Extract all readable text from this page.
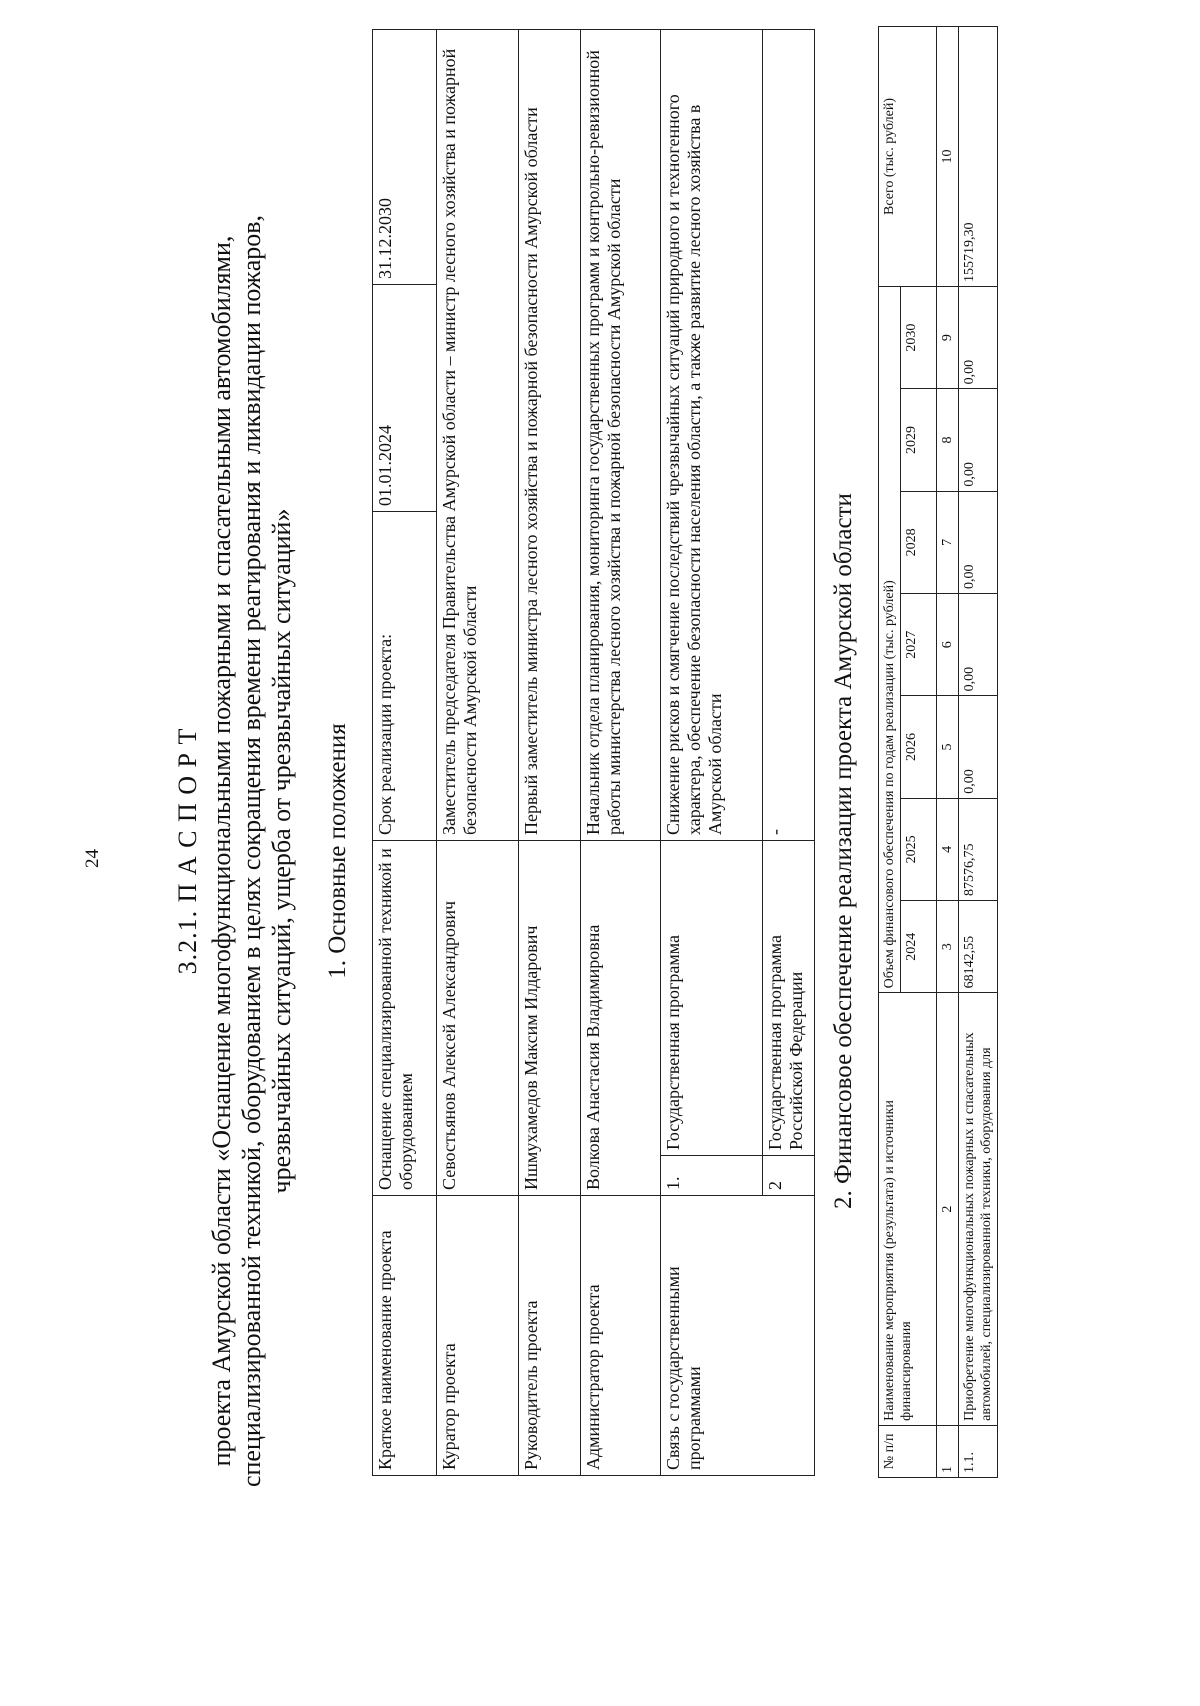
24	3.2.1. П А С П О Р Т проекта Амурской области «Оснащение многофункциональными пожарными и спасательными автомобилями, специализированной техникой, оборудованием в целях сокращения времени реагирования и ликвидации пожаров, чрезвычайных ситуаций, ущерба от чрезвычайных ситуаций» 1. Основные положения
Краткое наименование проекта	Оснащение специализированной техникой и оборудованием		Срок реализации проекта:	01.01.2024	31.12.2030
Куратор проекта	Севостьянов Алексей Александрович		Заместитель председателя Правительства Амурской области – министр лесного хозяйства и пожарной безопасности Амурской области		
Руководитель проекта	Ишмухамедов Максим Илдарович		Первый заместитель министра лесного хозяйства и пожарной безопасности Амурской области		
Администратор проекта	Волкова Анастасия Владимировна		Начальник отдела планирования, мониторинга государственных программ и контрольно-ревизионной работы министерства лесного хозяйства и пожарной безопасности Амурской области		
Связь с государственными программами	1.	Государственная программа	Снижение рисков и смягчение последствий чрезвычайных ситуаций природного и техногенного характера, обеспечение безопасности населения области, а также развитие лесного хозяйства в Амурской области		
	2	Государственная программа Российской Федерации	-		2. Финансовое обеспечение реализации проекта Амурской области
№ п/п	Наименование мероприятия (результата) и источники финансирования	Объем финансового обеспечения по годам реализации (тыс. рублей)							Всего (тыс. рублей)
		2024	2025	2026	2027	2028	2029	2030	
1	2	3	4	5	6	7	8	9	10
1.1.	Приобретение многофункциональных пожарных и спасательных автомобилей, специализированной техники, оборудования для	68142,55	87576,75	0,00	0,00	0,00	0,00	0,00	155719,30
